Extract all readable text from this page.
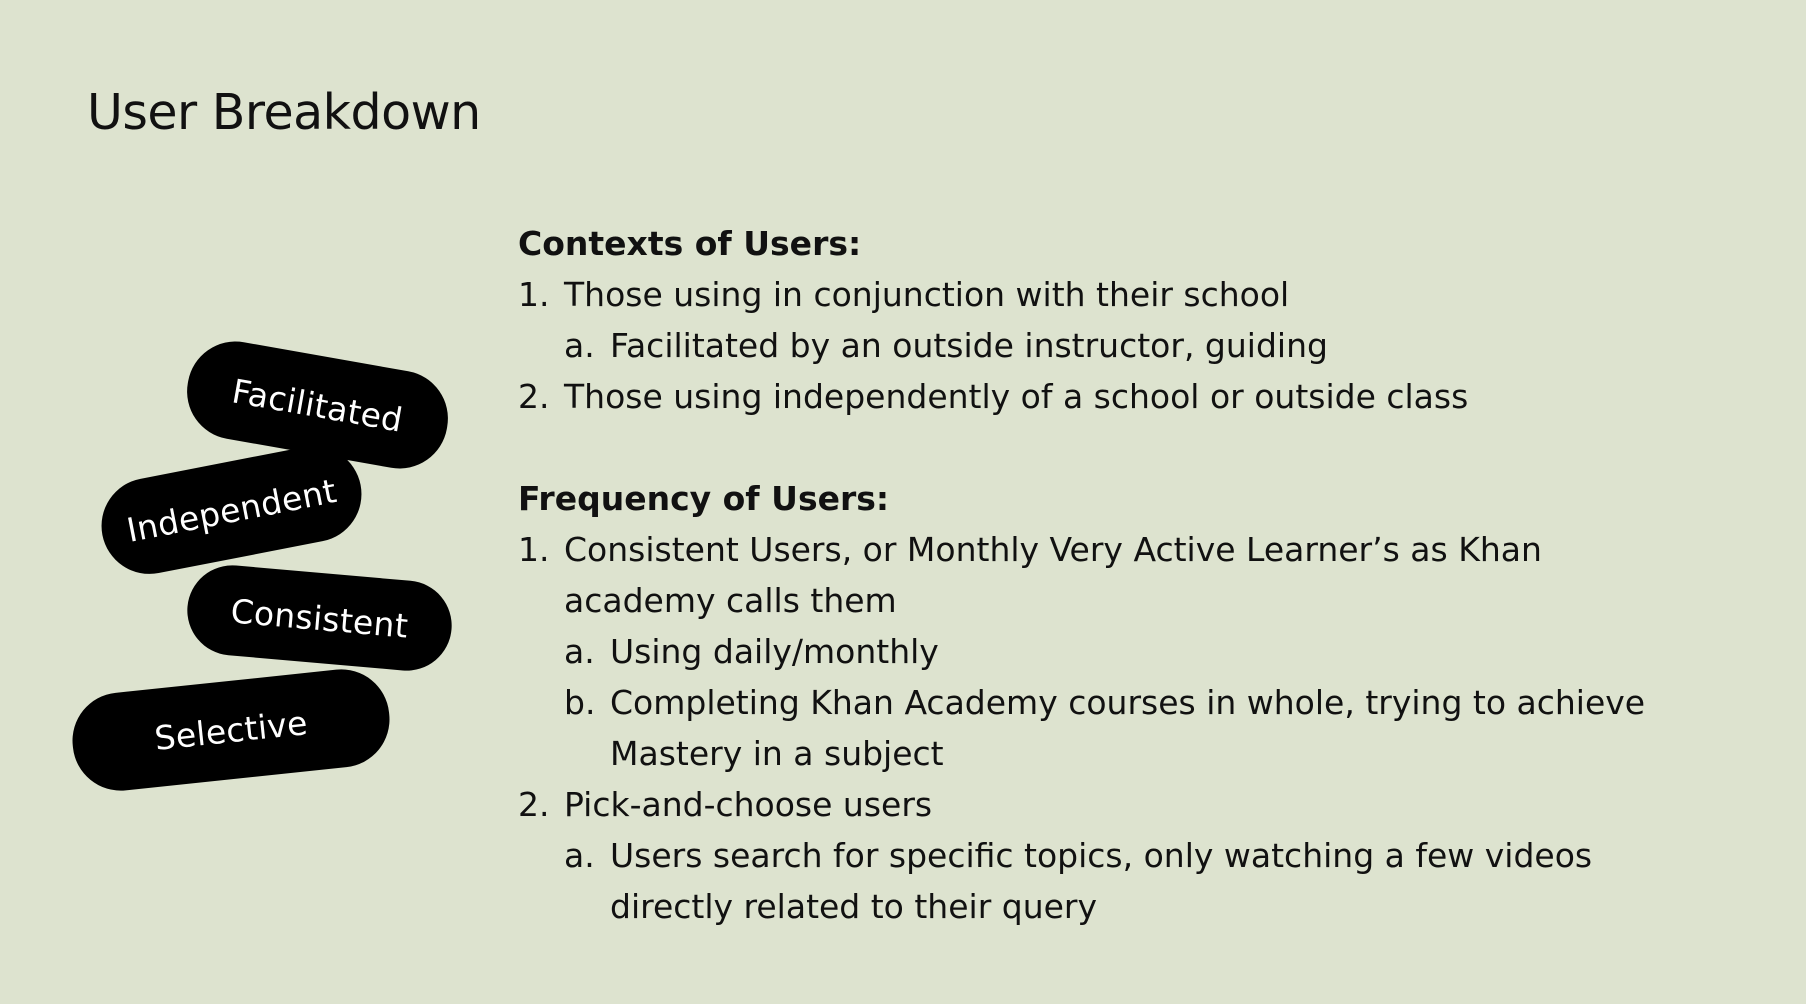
User Breakdown
Facilitated
Independent
Consistent
Selective

Contexts of Users:

1. Those using in conjunction with their school
a. Facilitated by an outside instructor, guiding
2. Those using independently of a school or outside class

Frequency of Users:

1. Consistent Users, or Monthly Very Active Learner’s as Khan academy calls them
a. Using daily/monthly
b. Completing Khan Academy courses in whole, trying to achieve Mastery in a subject
2. Pick-and-choose users
a. Users search for specific topics, only watching a few videos directly related to their query
